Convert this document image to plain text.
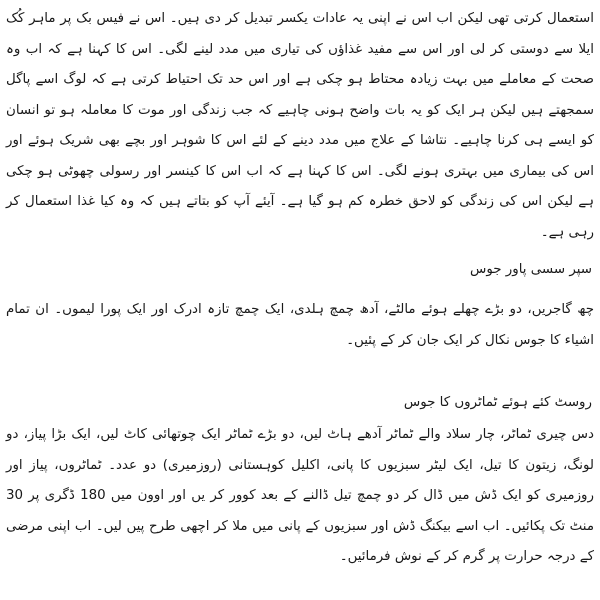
استعمال کرتی تھی لیکن اب اس نے اپنی یہ عادات یکسر تبدیل کر دی ہیں۔ اس نے فیس بک پر ماہر کُک ایلا سے دوستی کر لی اور اس سے مفید غذاؤں کی تیاری میں مدد لینے لگی۔ اس کا کہنا ہے کہ اب وہ صحت کے معاملے میں بہت زیادہ محتاط ہو چکی ہے اور اس حد تک احتیاط کرتی ہے کہ لوگ اسے پاگل سمجھتے ہیں لیکن ہر ایک کو یہ بات واضح ہونی چاہیے کہ جب زندگی اور موت کا معاملہ ہو تو انسان کو ایسے ہی کرنا چاہیے۔ نتاشا کے علاج میں مدد دینے کے لئے اس کا شوہر اور بچے بھی شریک ہوئے اور اس کی بیماری میں بہتری ہونے لگی۔ اس کا کہنا ہے کہ اب اس کا کینسر اور رسولی چھوٹی ہو چکی ہے لیکن اس کی زندگی کو لاحق خطرہ کم ہو گیا ہے۔ آیئے آپ کو بتاتے ہیں کہ وہ کیا غذا استعمال کر رہی ہے۔

سپر سسی پاور جوس

چھ گاجریں، دو بڑے چھلے ہوئے مالٹے، آدھ چمچ ہلدی، ایک چمچ تازہ ادرک اور ایک پورا لیموں۔ ان تمام اشیاء کا جوس نکال کر ایک جان کر کے پئیں۔

روسٹ کئے ہوئے ٹماٹروں کا جوس

دس چیری ٹماٹر، چار سلاد والے ٹماٹر آدھے ہاٹ لیں، دو بڑے ٹماٹر ایک چوتھائی کاٹ لیں، ایک بڑا پیاز، دو لونگ، زیتون کا تیل، ایک لیٹر سبزیوں کا پانی، اکلیل کوہستانی (روزمیری) دو عدد۔ ٹماٹروں، پیاز اور روزمیری کو ایک ڈش میں ڈال کر دو چمچ تیل ڈالنے کے بعد کوور کر یں اور اوون میں 180 ڈگری پر 30 منٹ تک پکائیں۔ اب اسے بیکنگ ڈش اور سبزیوں کے پانی میں ملا کر اچھی طرح پیں لیں۔ اب اپنی مرضی کے درجہ حرارت پر گرم کر کے نوش فرمائیں۔
